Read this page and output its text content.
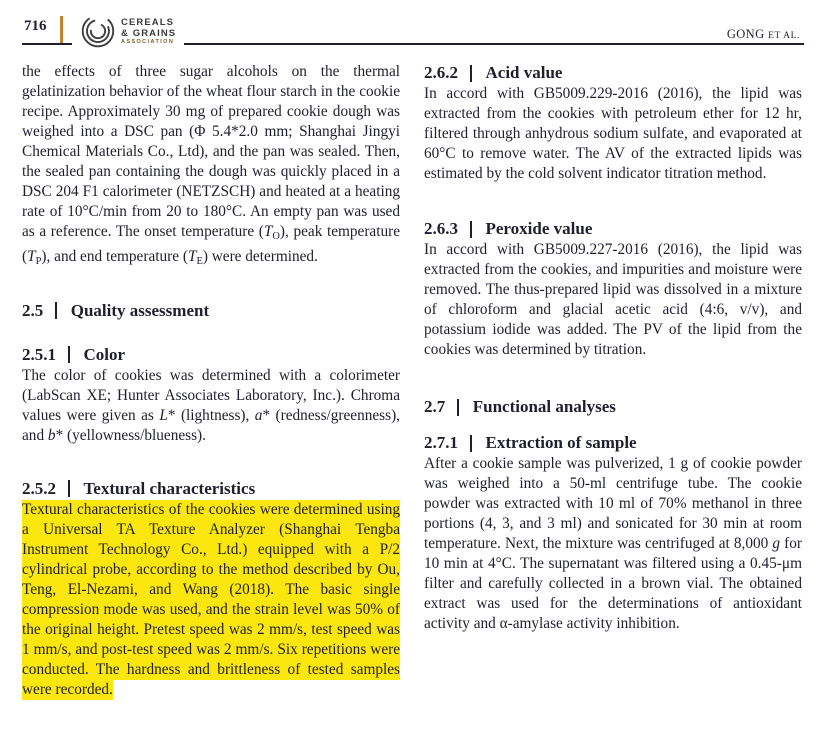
716	CEREALS
& GRAINS
ASSOCIATION
GONG ET AL.

the effects of three sugar alcohols on the thermal gelatinization behavior of the wheat flour starch in the cookie recipe. Approximately 30 mg of prepared cookie dough was weighed into a DSC pan (Φ 5.4*2.0 mm; Shanghai Jingyi Chemical Materials Co., Ltd), and the pan was sealed. Then, the sealed pan containing the dough was quickly placed in a DSC 204 F1 calorimeter (NETZSCH) and heated at a heating rate of 10°C/min from 20 to 180°C. An empty pan was used as a reference. The onset temperature $(T_O)$, peak temperature $(T_P)$, and end temperature $(T_E)$ were determined.

2.5 Quality assessment
2.5.1 Color

The color of cookies was determined with a colorimeter (LabScan XE; Hunter Associates Laboratory, Inc.). Chroma values were given as L* (lightness), a* (redness/greenness), and b* (yellowness/blueness).

2.5.2 Textural characteristics

Textural characteristics of the cookies were determined using a Universal TA Texture Analyzer (Shanghai Tengba Instrument Technology Co., Ltd.) equipped with a P/2 cylindrical probe, according to the method described by Ou, Teng, El-Nezami, and Wang (2018). The basic single compression mode was used, and the strain level was 50% of the original height. Pretest speed was 2 mm/s, test speed was 1 mm/s, and post-test speed was 2 mm/s. Six repetitions were conducted. The hardness and brittleness of tested samples were recorded.

2.6.2 Acid value

In accord with GB5009.229-2016 (2016), the lipid was extracted from the cookies with petroleum ether for 12 hr, filtered through anhydrous sodium sulfate, and evaporated at 60°C to remove water. The AV of the extracted lipids was estimated by the cold solvent indicator titration method.

2.6.3 Peroxide value

In accord with GB5009.227-2016 (2016), the lipid was extracted from the cookies, and impurities and moisture were removed. The thus-prepared lipid was dissolved in a mixture of chloroform and glacial acetic acid (4:6, v/v), and potassium iodide was added. The PV of the lipid from the cookies was determined by titration.

2.7 Functional analyses
2.7.1 Extraction of sample

After a cookie sample was pulverized, 1 g of cookie powder was weighed into a 50-ml centrifuge tube. The cookie powder was extracted with 10 ml of 70% methanol in three portions (4, 3, and 3 ml) and sonicated for 30 min at room temperature. Next, the mixture was centrifuged at 8,000 g for 10 min at 4°C. The supernatant was filtered using a 0.45-μm filter and carefully collected in a brown vial. The obtained extract was used for the determinations of antioxidant activity and α-amylase activity inhibition.
